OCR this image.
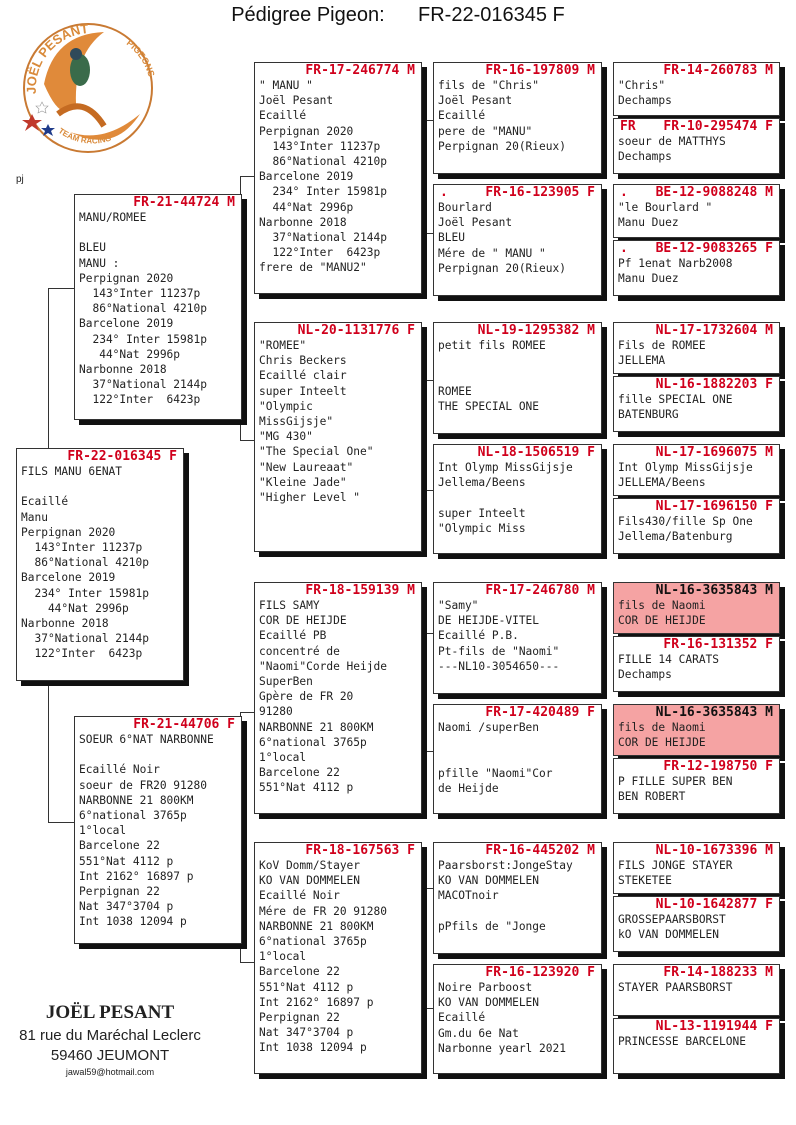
Pédigree Pigeon: FR-22-016345 F
JOËL PESANT
PIGEONS
TEAM RACING
pj
FR-22-016345 F
FILS MANU 6ENAT

Ecaillé
Manu
Perpignan 2020
143°Inter 11237p
86°National 4210p
Barcelone 2019
234° Inter 15981p
44°Nat 2996p
Narbonne 2018
37°National 2144p
122°Inter  6423p
FR-21-44724 M
MANU/ROMEE

BLEU
MANU :
Perpignan 2020
143°Inter 11237p
86°National 4210p
Barcelone 2019
234° Inter 15981p
44°Nat 2996p
Narbonne 2018
37°National 2144p
122°Inter  6423p
FR-21-44706 F
SOEUR 6°NAT NARBONNE

Ecaillé Noir
soeur de FR20 91280
NARBONNE 21 800KM
6°national 3765p
1°local
Barcelone 22
551°Nat 4112 p
Int 2162° 16897 p
Perpignan 22
Nat 347°3704 p
Int 1038 12094 p
FR-17-246774 M
" MANU "
Joël Pesant
Ecaillé
Perpignan 2020
143°Inter 11237p
86°National 4210p
Barcelone 2019
234° Inter 15981p
44°Nat 2996p
Narbonne 2018
37°National 2144p
122°Inter  6423p
frere de "MANU2"
NL-20-1131776 F
"ROMEE"
Chris Beckers
Ecaillé clair
super Inteelt
"Olympic
MissGijsje"
"MG 430"
"The Special One"
"New Laureaat"
"Kleine Jade"
"Higher Level "
FR-18-159139 M
FILS SAMY
COR DE HEIJDE
Ecaillé PB
concentré de
"Naomi"Corde Heijde
SuperBen
Gpère de FR 20
91280
NARBONNE 21 800KM
6°national 3765p
1°local
Barcelone 22
551°Nat 4112 p
FR-18-167563 F
KoV Domm/Stayer
KO VAN DOMMELEN
Ecaillé Noir
Mére de FR 20 91280
NARBONNE 21 800KM
6°national 3765p
1°local
Barcelone 22
551°Nat 4112 p
Int 2162° 16897 p
Perpignan 22
Nat 347°3704 p
Int 1038 12094 p
FR-16-197809 M
fils de "Chris"
Joël Pesant
Ecaillé
pere de "MANU"
Perpignan 20(Rieux)
.	FR-16-123905 F
Bourlard
Joël Pesant
BLEU
Mére de " MANU "
Perpignan 20(Rieux)
NL-19-1295382 M
petit fils ROMEE

ROMEE
THE SPECIAL ONE
NL-18-1506519 F
Int Olymp MissGijsje
Jellema/Beens

super Inteelt
"Olympic Miss
FR-17-246780 M
"Samy"
DE HEIJDE-VITEL
Ecaillé P.B.
Pt-fils de "Naomi"
---NL10-3054650---
FR-17-420489 F
Naomi /superBen

pfille "Naomi"Cor
de Heijde
FR-16-445202 M
Paarsborst:JongeStay
KO VAN DOMMELEN
MACOTnoir

pPfils de "Jonge
FR-16-123920 F
Noire Parboost
KO VAN DOMMELEN
Ecaillé
Gm.du 6e Nat
Narbonne yearl 2021
FR-14-260783 M
"Chris"
Dechamps
FR FR-10-295474 F
soeur de MATTHYS
Dechamps
. BE-12-9088248 M
"le Bourlard "
Manu Duez
. BE-12-9083265 F
Pf 1enat Narb2008
Manu Duez
NL-17-1732604 M
Fils de ROMEE
JELLEMA
NL-16-1882203 F
fille SPECIAL ONE
BATENBURG
NL-17-1696075 M
Int Olymp MissGijsje
JELLEMA/Beens
NL-17-1696150 F
Fils430/fille Sp One
Jellema/Batenburg
NL-16-3635843 M
fils de Naomi
COR DE HEIJDE
FR-16-131352 F
FILLE 14 CARATS
Dechamps
NL-16-3635843 M
fils de Naomi
COR DE HEIJDE
FR-12-198750 F
P FILLE SUPER BEN
BEN ROBERT
NL-10-1673396 M
FILS JONGE STAYER
STEKETEE
NL-10-1642877 F
GROSSEPAARSBORST
kO VAN DOMMELEN
FR-14-188233 M
STAYER PAARSBORST
NL-13-1191944 F
PRINCESSE BARCELONE
JOËL PESANT
81 rue du Maréchal Leclerc
59460 JEUMONT
jawal59@hotmail.com
